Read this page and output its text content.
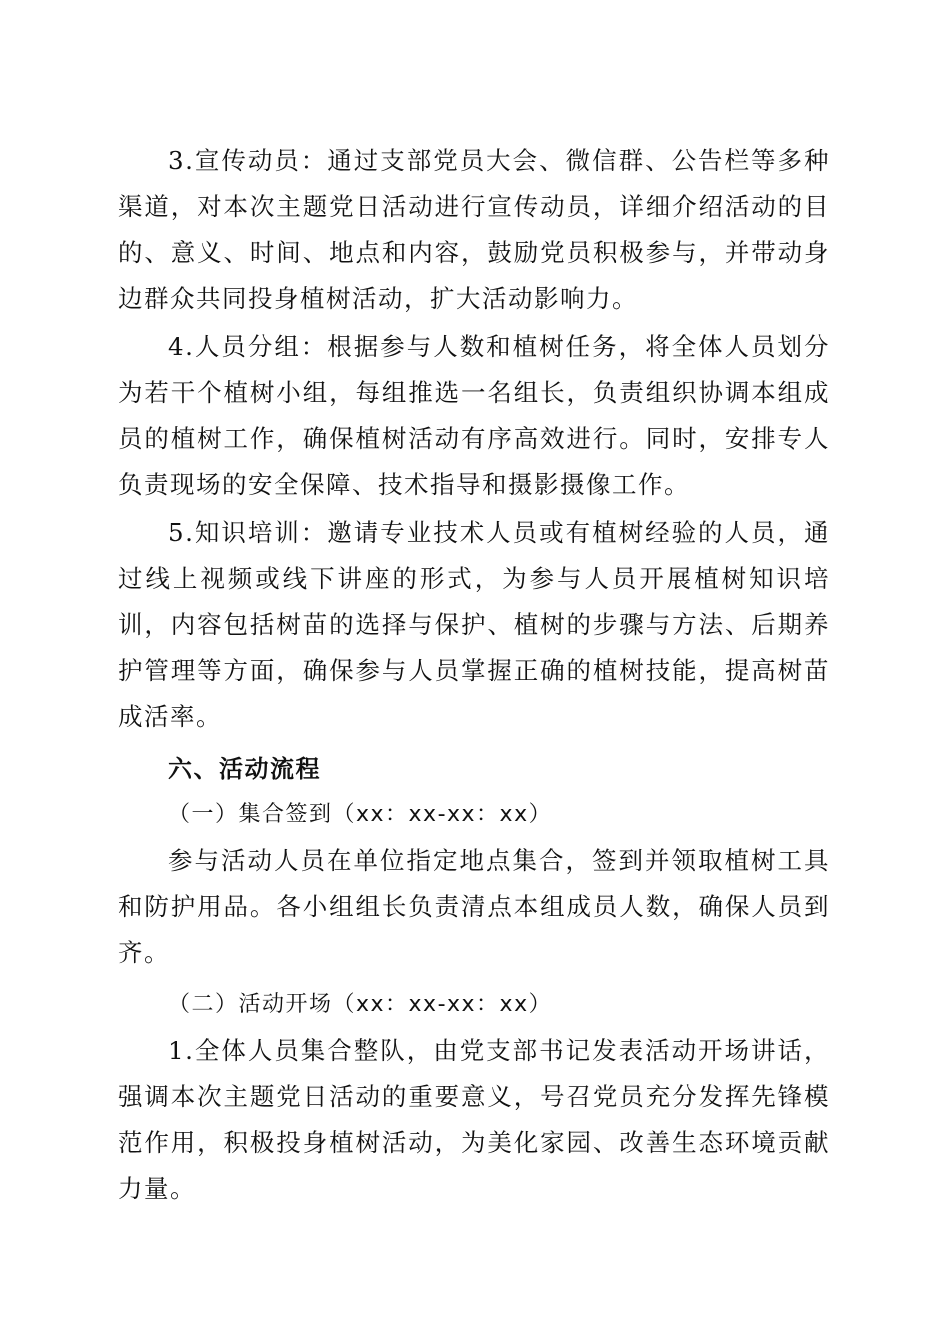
3.宣传动员：通过支部党员大会、微信群、公告栏等多种渠道，对本次主题党日活动进行宣传动员，详细介绍活动的目的、意义、时间、地点和内容，鼓励党员积极参与，并带动身边群众共同投身植树活动，扩大活动影响力。

4.人员分组：根据参与人数和植树任务，将全体人员划分为若干个植树小组，每组推选一名组长，负责组织协调本组成员的植树工作，确保植树活动有序高效进行。同时，安排专人负责现场的安全保障、技术指导和摄影摄像工作。

5.知识培训：邀请专业技术人员或有植树经验的人员，通过线上视频或线下讲座的形式，为参与人员开展植树知识培训，内容包括树苗的选择与保护、植树的步骤与方法、后期养护管理等方面，确保参与人员掌握正确的植树技能，提高树苗成活率。

六、活动流程

（一）集合签到（xx：xx-xx：xx）

参与活动人员在单位指定地点集合，签到并领取植树工具和防护用品。各小组组长负责清点本组成员人数，确保人员到齐。

（二）活动开场（xx：xx-xx：xx）

1.全体人员集合整队，由党支部书记发表活动开场讲话，强调本次主题党日活动的重要意义，号召党员充分发挥先锋模范作用，积极投身植树活动，为美化家园、改善生态环境贡献力量。
